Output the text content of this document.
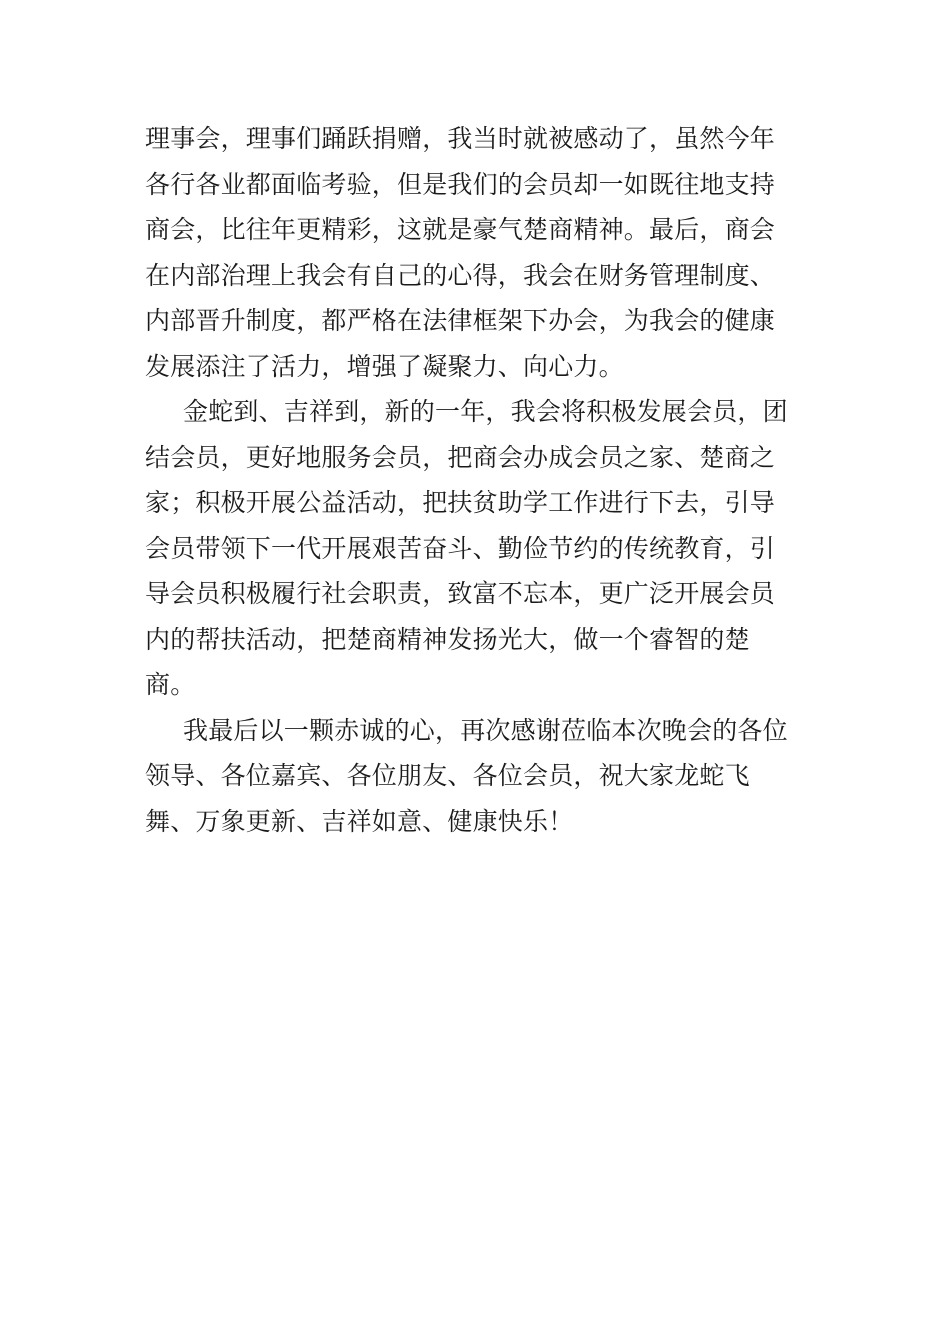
理事会，理事们踊跃捐赠，我当时就被感动了，虽然今年
各行各业都面临考验，但是我们的会员却一如既往地支持
商会，比往年更精彩，这就是豪气楚商精神。最后，商会
在内部治理上我会有自己的心得，我会在财务管理制度、
内部晋升制度，都严格在法律框架下办会，为我会的健康
发展添注了活力，增强了凝聚力、向心力。
金蛇到、吉祥到，新的一年，我会将积极发展会员，团
结会员，更好地服务会员，把商会办成会员之家、楚商之
家；积极开展公益活动，把扶贫助学工作进行下去，引导
会员带领下一代开展艰苦奋斗、勤俭节约的传统教育，引
导会员积极履行社会职责，致富不忘本，更广泛开展会员
内的帮扶活动，把楚商精神发扬光大，做一个睿智的楚
商。
我最后以一颗赤诚的心，再次感谢莅临本次晚会的各位
领导、各位嘉宾、各位朋友、各位会员，祝大家龙蛇飞
舞、万象更新、吉祥如意、健康快乐！
